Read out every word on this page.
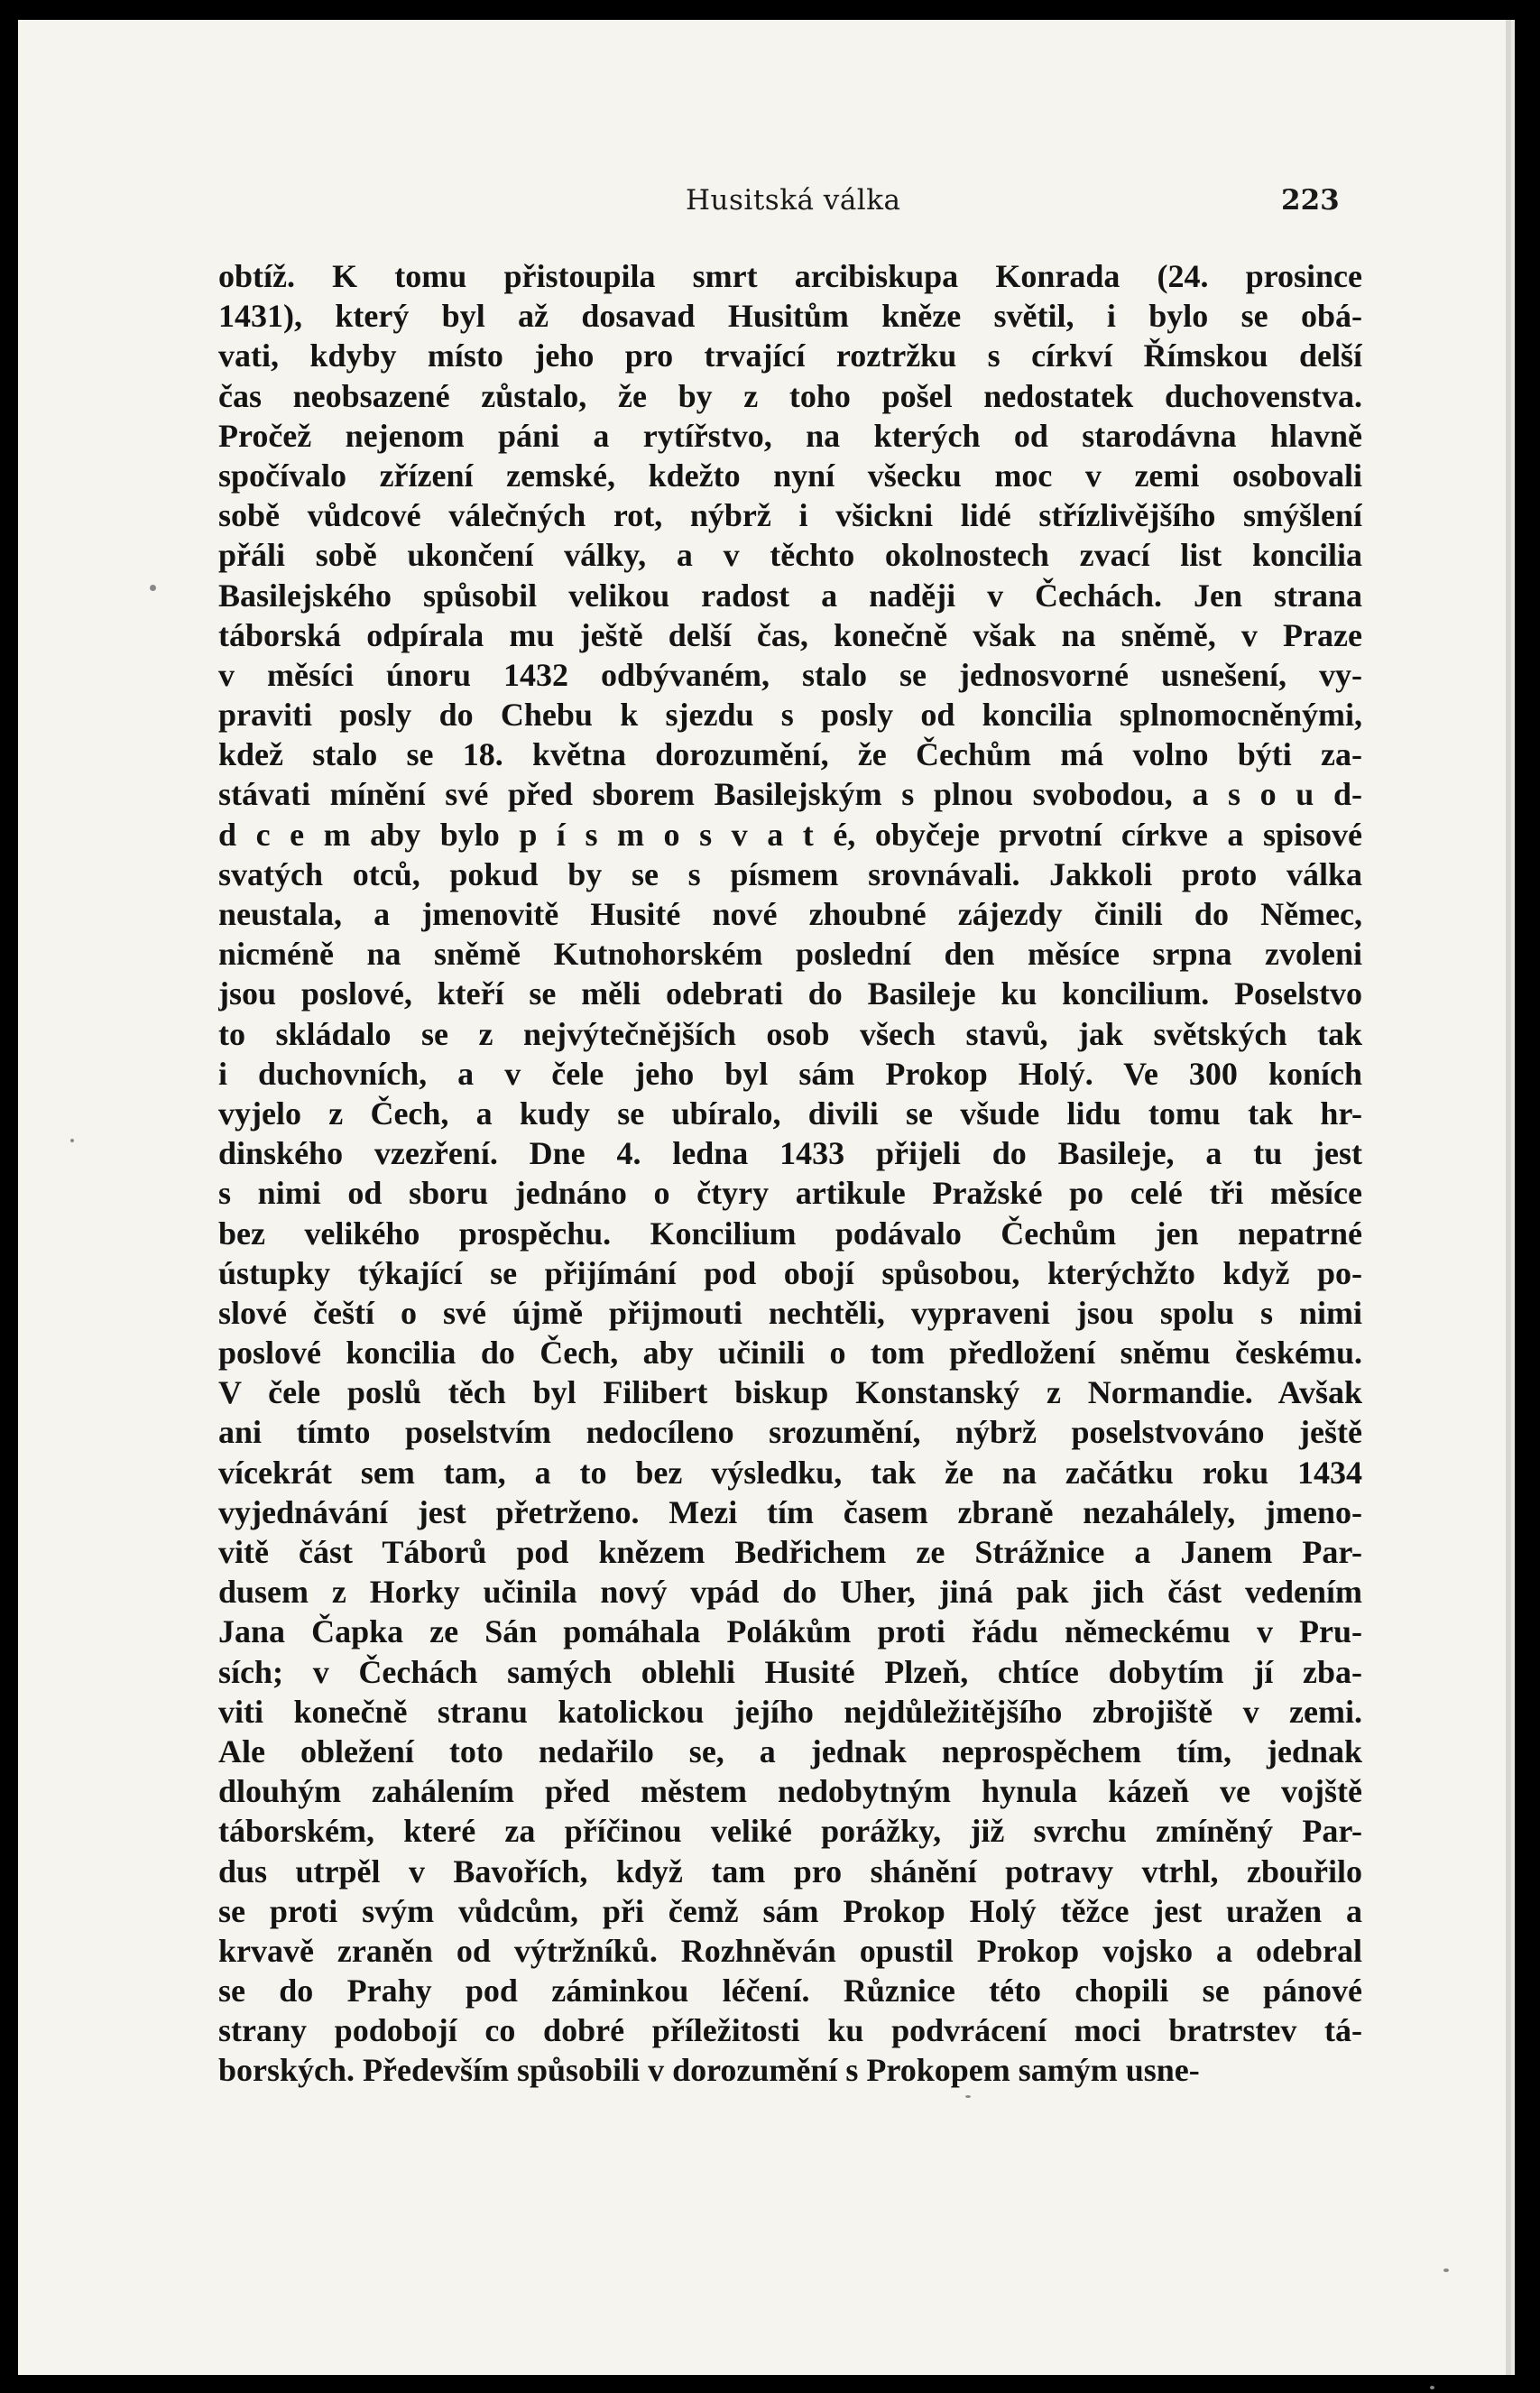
Husitská válka	223
obtíž. K tomu přistoupila smrt arcibiskupa Konrada (24. prosince
1431), který byl až dosavad Husitům kněze světil, i bylo se obá-
vati, kdyby místo jeho pro trvající roztržku s církví Římskou delší
čas neobsazené zůstalo, že by z toho pošel nedostatek duchovenstva.
Pročež nejenom páni a rytířstvo, na kterých od starodávna hlavně
spočívalo zřízení zemské, kdežto nyní všecku moc v zemi osobovali
sobě vůdcové válečných rot, nýbrž i všickni lidé střízlivějšího smýšlení
přáli sobě ukončení války, a v těchto okolnostech zvací list koncilia
Basilejského spůsobil velikou radost a naději v Čechách. Jen strana
táborská odpírala mu ještě delší čas, konečně však na sněmě, v Praze
v měsíci únoru 1432 odbývaném, stalo se jednosvorné usnešení, vy-
praviti posly do Chebu k sjezdu s posly od koncilia splnomocněnými,
kdež stalo se 18. května dorozumění, že Čechům má volno býti za-
stávati mínění své před sborem Basilejským s plnou svobodou, a s o u d-
d c e m aby bylo p í s m o s v a t é, obyčeje prvotní církve a spisové
svatých otců, pokud by se s písmem srovnávali. Jakkoli proto válka
neustala, a jmenovitě Husité nové zhoubné zájezdy činili do Němec,
nicméně na sněmě Kutnohorském poslední den měsíce srpna zvoleni
jsou poslové, kteří se měli odebrati do Basileje ku koncilium. Poselstvo
to skládalo se z nejvýtečnějších osob všech stavů, jak světských tak
i duchovních, a v čele jeho byl sám Prokop Holý. Ve 300 koních
vyjelo z Čech, a kudy se ubíralo, divili se všude lidu tomu tak hr-
dinského vzezření. Dne 4. ledna 1433 přijeli do Basileje, a tu jest
s nimi od sboru jednáno o čtyry artikule Pražské po celé tři měsíce
bez velikého prospěchu. Koncilium podávalo Čechům jen nepatrné
ústupky týkající se přijímání pod obojí spůsobou, kterýchžto když po-
slové čeští o své újmě přijmouti nechtěli, vypraveni jsou spolu s nimi
poslové koncilia do Čech, aby učinili o tom předložení sněmu českému.
V čele poslů těch byl Filibert biskup Konstanský z Normandie. Avšak
ani tímto poselstvím nedocíleno srozumění, nýbrž poselstvováno ještě
vícekrát sem tam, a to bez výsledku, tak že na začátku roku 1434
vyjednávání jest přetrženo. Mezi tím časem zbraně nezahálely, jmeno-
vitě část Táborů pod knězem Bedřichem ze Strážnice a Janem Par-
dusem z Horky učinila nový vpád do Uher, jiná pak jich část vedením
Jana Čapka ze Sán pomáhala Polákům proti řádu německému v Pru-
sích; v Čechách samých oblehli Husité Plzeň, chtíce dobytím jí zba-
viti konečně stranu katolickou jejího nejdůležitějšího zbrojiště v zemi.
Ale obležení toto nedařilo se, a jednak neprospěchem tím, jednak
dlouhým zahálením před městem nedobytným hynula kázeň ve vojště
táborském, které za příčinou veliké porážky, již svrchu zmíněný Par-
dus utrpěl v Bavořích, když tam pro shánění potravy vtrhl, zbouřilo
se proti svým vůdcům, při čemž sám Prokop Holý těžce jest uražen a
krvavě zraněn od výtržníků. Rozhněván opustil Prokop vojsko a odebral
se do Prahy pod záminkou léčení. Různice této chopili se pánové
strany podobojí co dobré příležitosti ku podvrácení moci bratrstev tá-
borských. Především spůsobili v dorozumění s Prokopem samým usne-
